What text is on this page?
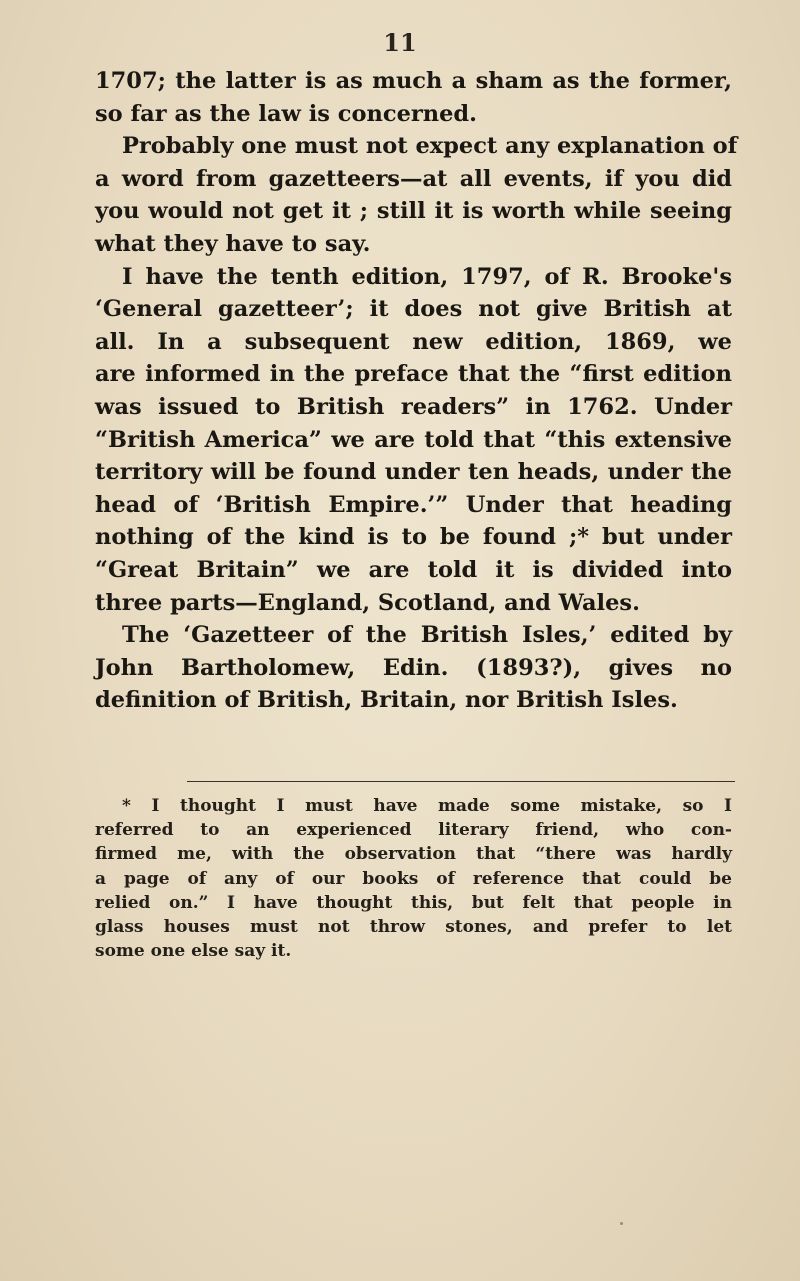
11
1707; the latter is as much a sham as the former,
so far as the law is concerned.
Probably one must not expect any explanation of
a word from gazetteers—at all events, if you did
you would not get it ; still it is worth while seeing
what they have to say.
I have the tenth edition, 1797, of R. Brooke's
‘General gazetteer’; it does not give British at
all. In a subsequent new edition, 1869, we
are informed in the preface that the “first edition
was issued to British readers” in 1762. Under
“British America” we are told that “this extensive
territory will be found under ten heads, under the
head of ‘British Empire.’” Under that heading
nothing of the kind is to be found ;* but under
“Great Britain” we are told it is divided into
three parts—England, Scotland, and Wales.
The ‘Gazetteer of the British Isles,’ edited by
John Bartholomew, Edin. (1893?), gives no
definition of British, Britain, nor British Isles.
* I thought I must have made some mistake, so I
referred to an experienced literary friend, who con-
firmed me, with the observation that “there was hardly
a page of any of our books of reference that could be
relied on.” I have thought this, but felt that people in
glass houses must not throw stones, and prefer to let
some one else say it.
